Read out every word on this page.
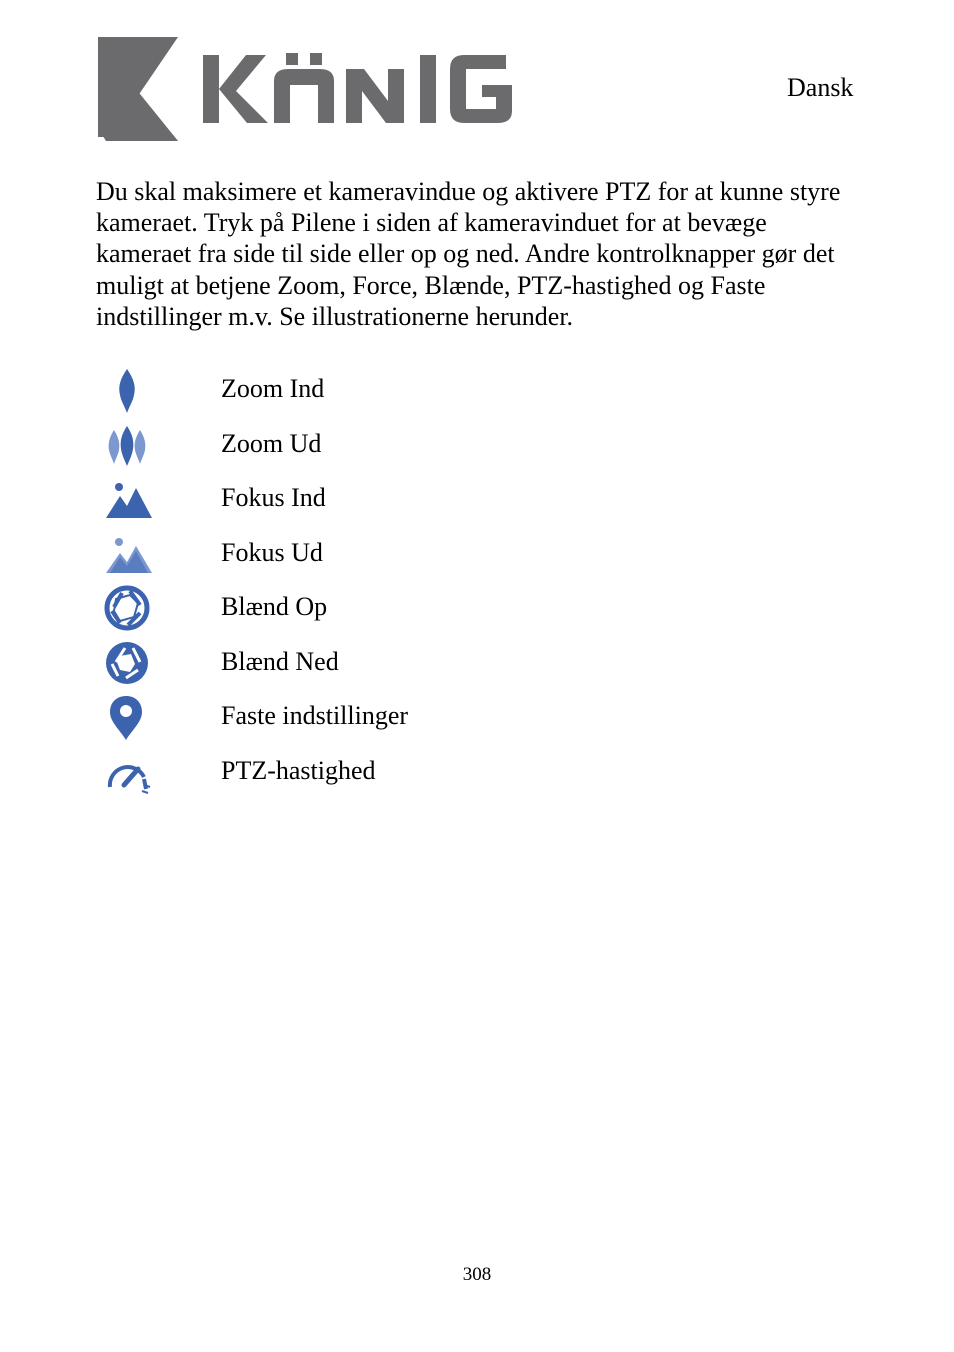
Dansk

Du skal maksimere et kameravindue og aktivere PTZ for at kunne styre kameraet. Tryk på Pilene i siden af kameravinduet for at bevæge kameraet fra side til side eller op og ned. Andre kontrolknapper gør det muligt at betjene Zoom, Force, Blænde, PTZ-hastighed og Faste indstillinger m.v. Se illustrationerne herunder.

Zoom Ind
Zoom Ud
Fokus Ind
Fokus Ud
Blænd Op
Blænd Ned
Faste indstillinger
PTZ-hastighed
308
